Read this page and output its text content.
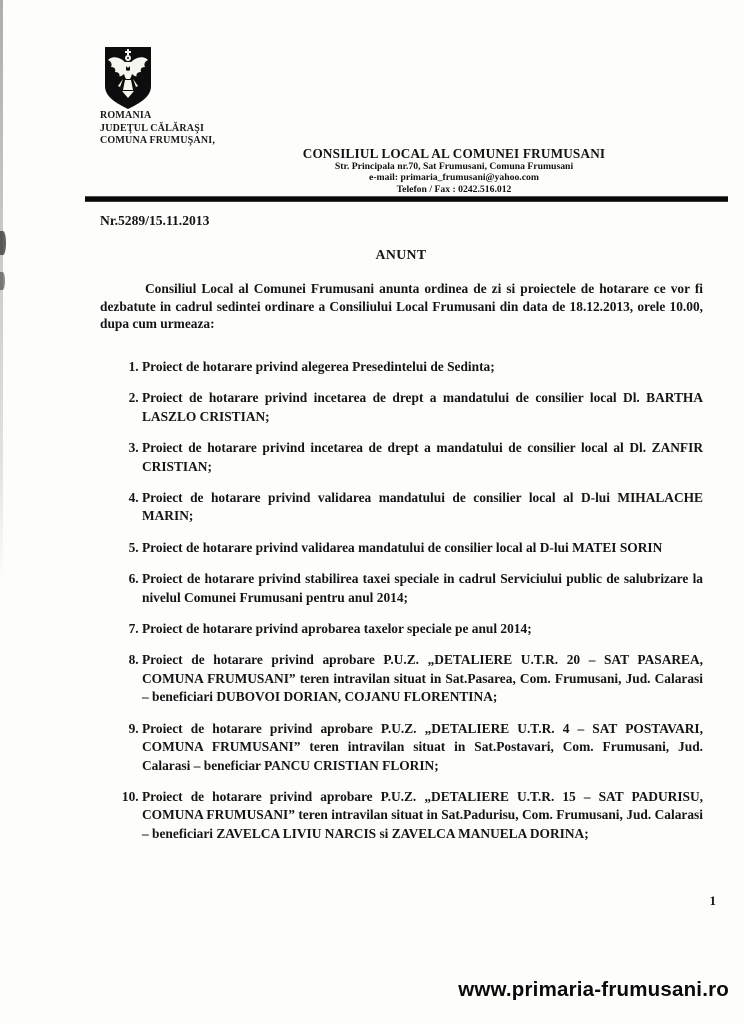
ROMANIA
JUDEŢUL CĂLĂRAŞI
COMUNA FRUMUŞANI,
CONSILIUL LOCAL AL COMUNEI FRUMUSANI
Str. Principala nr.70, Sat Frumusani, Comuna Frumusani
e-mail: primaria_frumusani@yahoo.com
Telefon / Fax : 0242.516.012
Nr.5289/15.11.2013
ANUNT
Consiliul Local al Comunei Frumusani anunta ordinea de zi si proiectele de hotarare ce vor fi dezbatute in cadrul sedintei ordinare a Consiliului Local Frumusani din data de 18.12.2013, orele 10.00, dupa cum urmeaza:
1. Proiect de hotarare privind alegerea Presedintelui de Sedinta;
2. Proiect de hotarare privind incetarea de drept a mandatului de consilier local Dl. BARTHA LASZLO CRISTIAN;
3. Proiect de hotarare privind incetarea de drept a mandatului de consilier local al Dl. ZANFIR CRISTIAN;
4. Proiect de hotarare privind validarea mandatului de consilier local al D-lui MIHALACHE MARIN;
5. Proiect de hotarare privind validarea mandatului de consilier local al D-lui MATEI SORIN
6. Proiect de hotarare privind stabilirea taxei speciale in cadrul Serviciului public de salubrizare la nivelul Comunei Frumusani pentru anul 2014;
7. Proiect de hotarare privind aprobarea taxelor speciale pe anul 2014;
8. Proiect de hotarare privind aprobare P.U.Z. „DETALIERE U.T.R. 20 – SAT PASAREA, COMUNA FRUMUSANI” teren intravilan situat in Sat.Pasarea, Com. Frumusani, Jud. Calarasi – beneficiari DUBOVOI DORIAN, COJANU FLORENTINA;
9. Proiect de hotarare privind aprobare P.U.Z. „DETALIERE U.T.R. 4 – SAT POSTAVARI, COMUNA FRUMUSANI” teren intravilan situat in Sat.Postavari, Com. Frumusani, Jud. Calarasi – beneficiar PANCU CRISTIAN FLORIN;
10. Proiect de hotarare privind aprobare P.U.Z. „DETALIERE U.T.R. 15 – SAT PADURISU, COMUNA FRUMUSANI” teren intravilan situat in Sat.Padurisu, Com. Frumusani, Jud. Calarasi – beneficiari ZAVELCA LIVIU NARCIS si ZAVELCA MANUELA DORINA;
1
www.primaria-frumusani.ro
